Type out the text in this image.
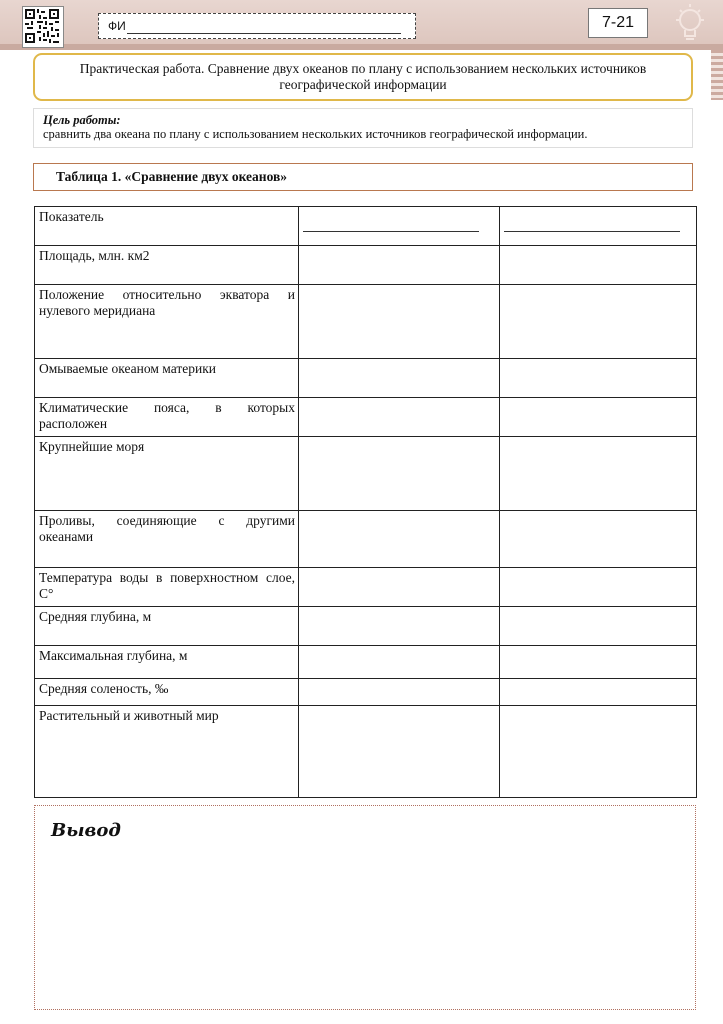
ФИ	7-21
Практическая работа. Сравнение двух океанов по плану с использованием нескольких источников
географической информации
Цель работы:
сравнить два океана по плану с использованием нескольких источников географической информации.
Таблица 1. «Сравнение двух океанов»
Показатель	

Площадь, млн. км2		
Положение относительно экватора и нулевого меридиана		
Омываемые океаном материки		
Климатические пояса, в которых расположен		
Крупнейшие моря		
Проливы, соединяющие с другими океанами		
Температура воды в поверхностном слое, С°		
Средняя глубина, м		
Максимальная глубина, м		
Средняя соленость, ‰		
Растительный и животный мир		
Вывод
